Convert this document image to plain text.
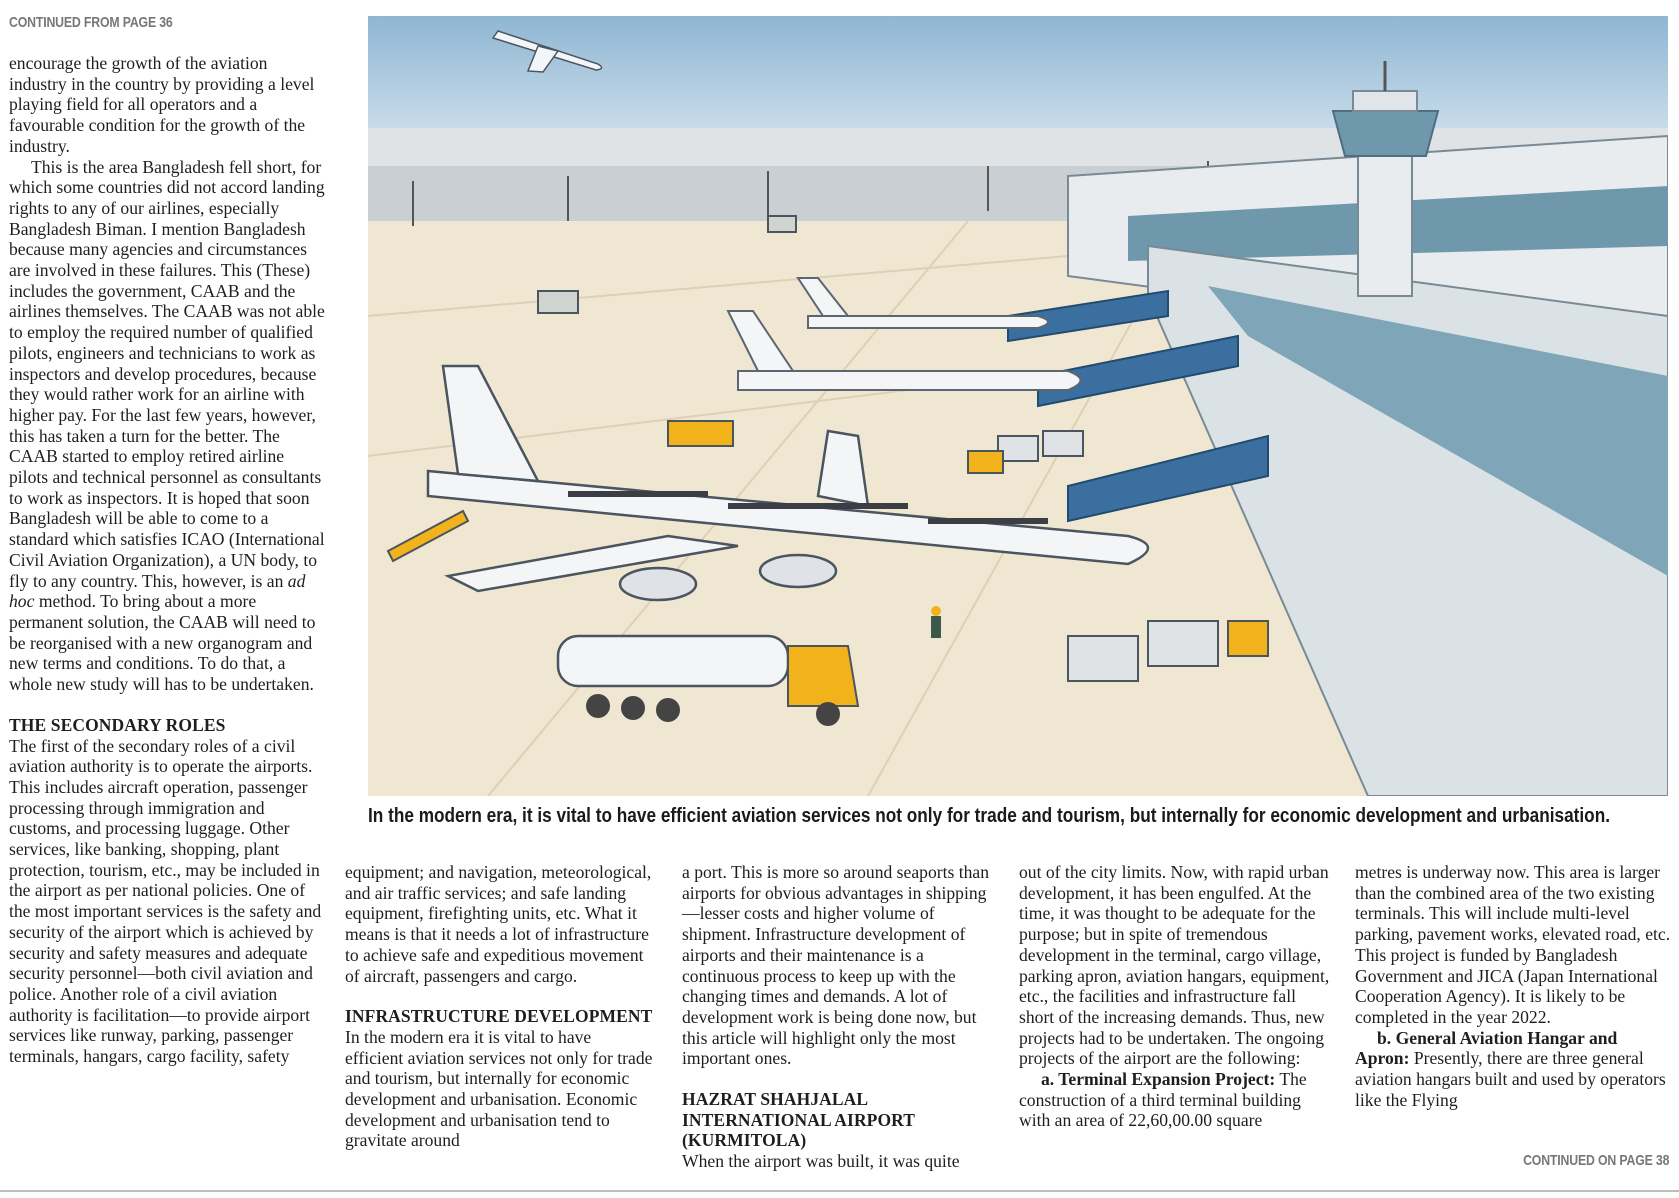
CONTINUED FROM PAGE 36

encourage the growth of the aviation industry in the country by providing a level playing field for all operators and a favourable condition for the growth of the industry.

This is the area Bangladesh fell short, for which some countries did not accord landing rights to any of our airlines, especially Bangladesh Biman. I mention Bangladesh because many agencies and circumstances are involved in these failures. This (These) includes the government, CAAB and the airlines themselves. The CAAB was not able to employ the required number of qualified pilots, engineers and technicians to work as inspectors and develop procedures, because they would rather work for an airline with higher pay. For the last few years, however, this has taken a turn for the better. The CAAB started to employ retired airline pilots and technical personnel as consultants to work as inspectors. It is hoped that soon Bangladesh will be able to come to a standard which satisfies ICAO (International Civil Aviation Organization), a UN body, to fly to any country. This, however, is an ad hoc method. To bring about a more permanent solution, the CAAB will need to be reorganised with a new organogram and new terms and conditions. To do that, a whole new study will has to be undertaken.

THE SECONDARY ROLES

The first of the secondary roles of a civil aviation authority is to operate the airports. This includes aircraft operation, passenger processing through immigration and customs, and processing luggage. Other services, like banking, shopping, plant protection, tourism, etc., may be included in the airport as per national policies. One of the most important services is the safety and security of the airport which is achieved by security and safety measures and adequate security personnel—both civil aviation and police. Another role of a civil aviation authority is facilitation—to provide airport services like runway, parking, passenger terminals, hangars, cargo facility, safety

In the modern era, it is vital to have efficient aviation services not only for trade and tourism, but internally for economic development and urbanisation.

equipment; and navigation, meteorological, and air traffic services; and safe landing equipment, firefighting units, etc. What it means is that it needs a lot of infrastructure to achieve safe and expeditious movement of aircraft, passengers and cargo.

INFRASTRUCTURE DEVELOPMENT

In the modern era it is vital to have efficient aviation services not only for trade and tourism, but internally for economic development and urbanisation. Economic development and urbanisation tend to gravitate around

a port. This is more so around seaports than airports for obvious advantages in shipping—lesser costs and higher volume of shipment. Infrastructure development of airports and their maintenance is a continuous process to keep up with the changing times and demands. A lot of development work is being done now, but this article will highlight only the most important ones.

HAZRAT SHAHJALAL INTERNATIONAL AIRPORT (KURMITOLA)

When the airport was built, it was quite

out of the city limits. Now, with rapid urban development, it has been engulfed. At the time, it was thought to be adequate for the purpose; but in spite of tremendous development in the terminal, cargo village, parking apron, aviation hangars, equipment, etc., the facilities and infrastructure fall short of the increasing demands. Thus, new projects had to be undertaken. The ongoing projects of the airport are the following:

a. Terminal Expansion Project: The construction of a third terminal building with an area of 22,60,00.00 square

metres is underway now. This area is larger than the combined area of the two existing terminals. This will include multi-level parking, pavement works, elevated road, etc. This project is funded by Bangladesh Government and JICA (Japan International Cooperation Agency). It is likely to be completed in the year 2022.

b. General Aviation Hangar and Apron: Presently, there are three general aviation hangars built and used by operators like the Flying

CONTINUED ON PAGE 38
